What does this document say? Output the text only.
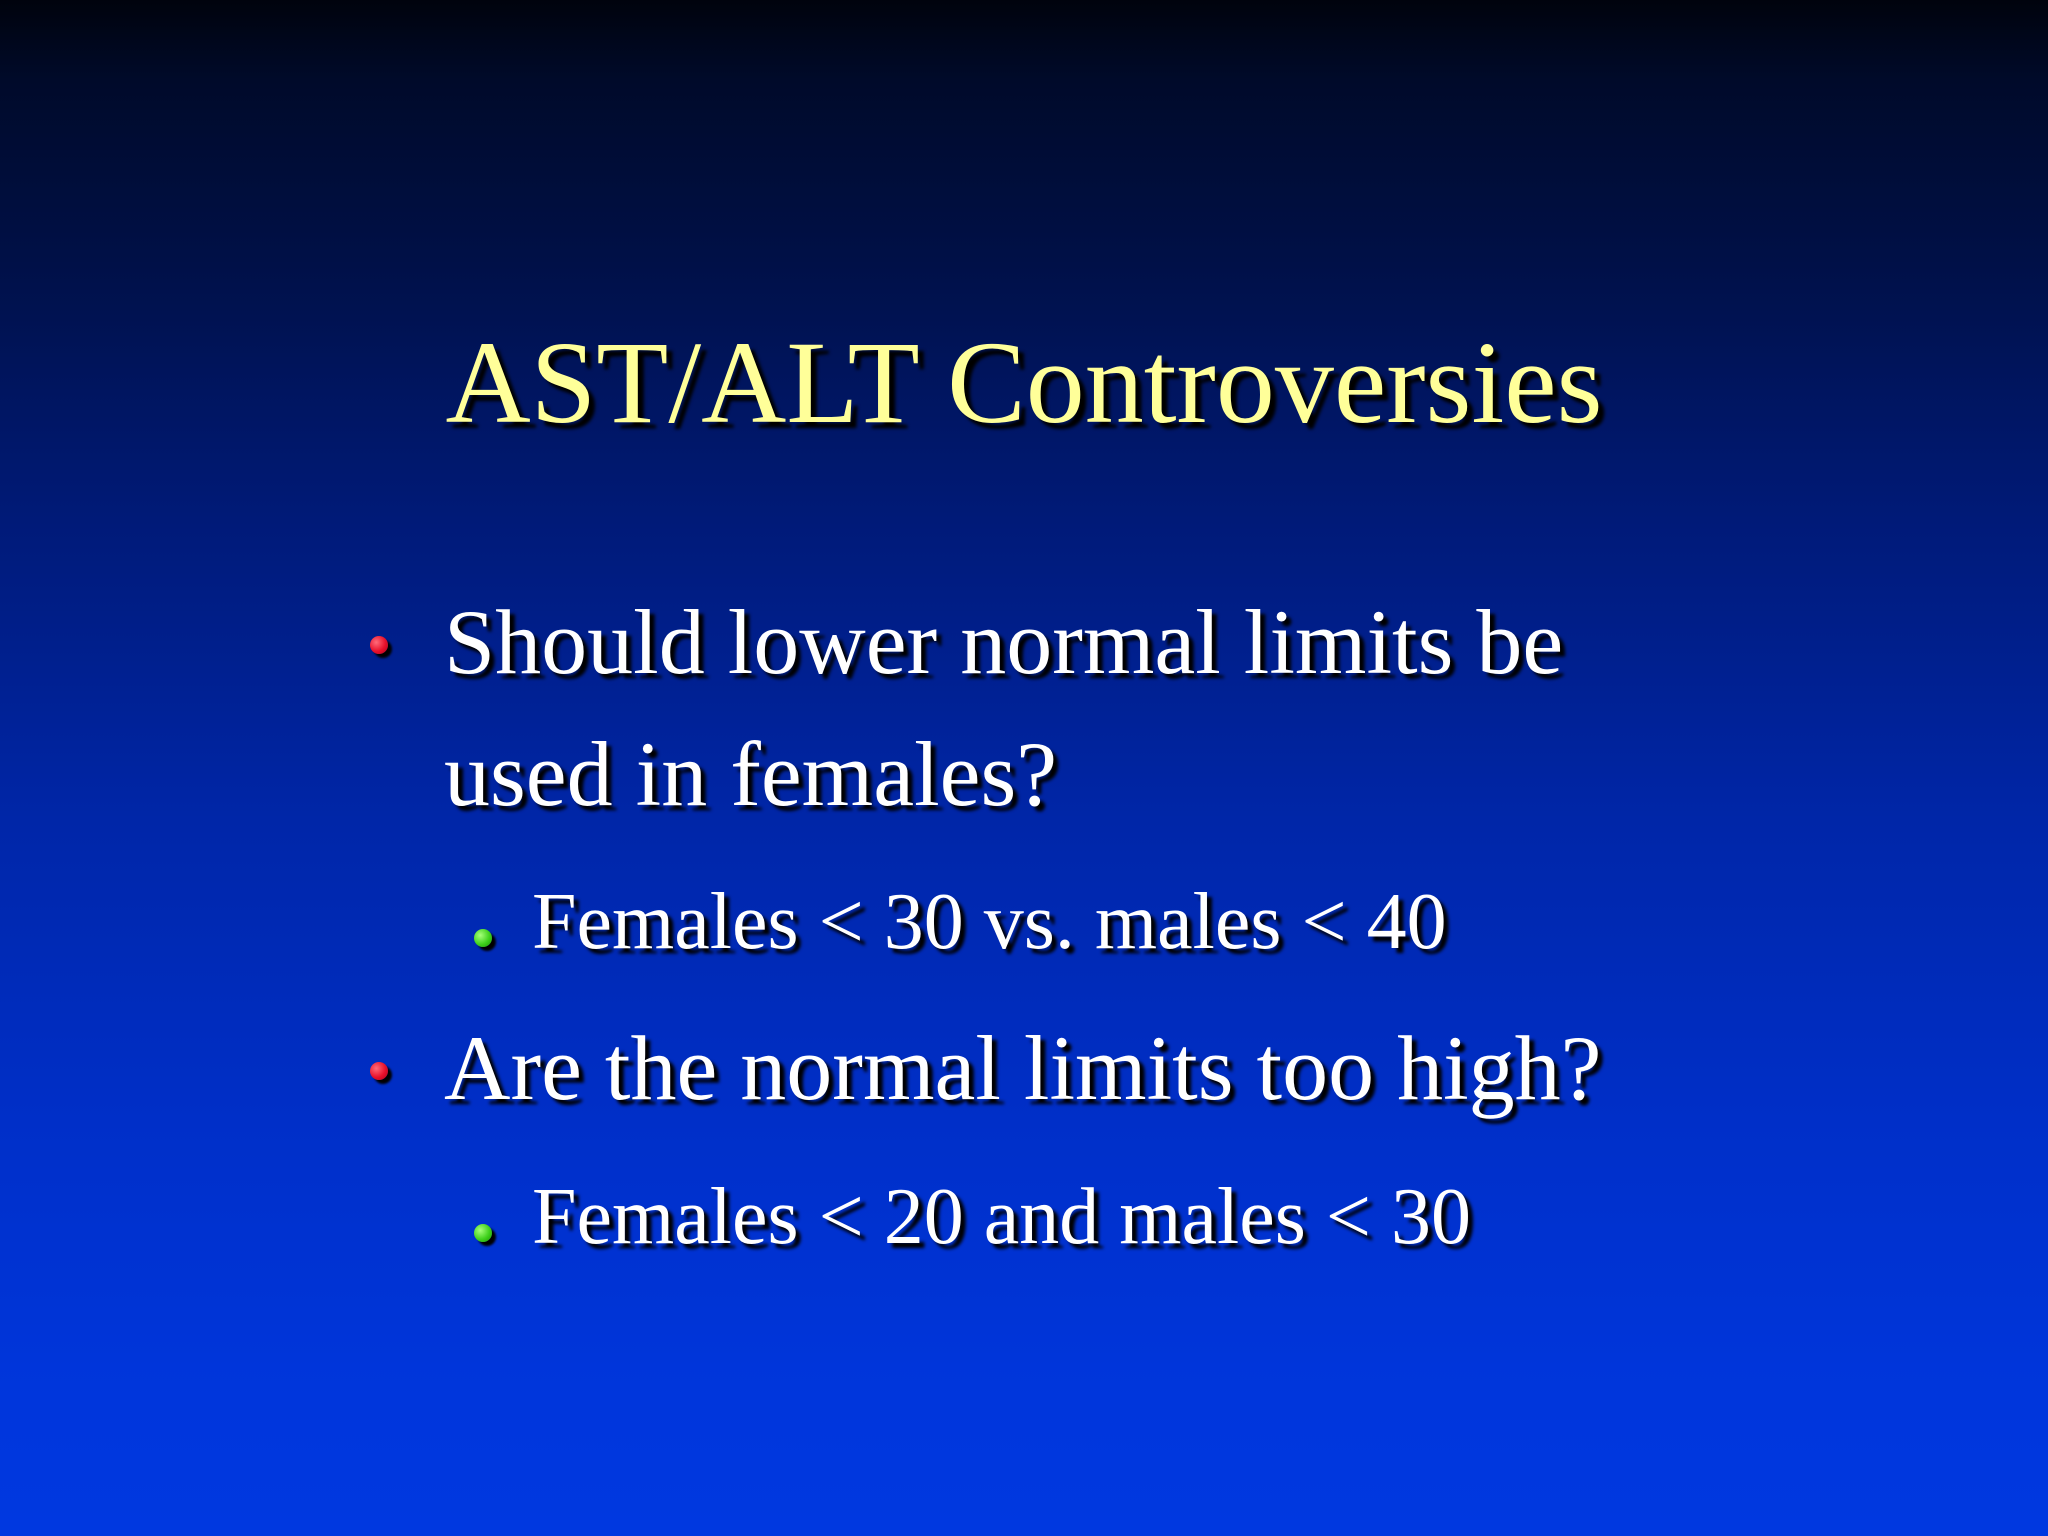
AST/ALT Controversies
Should lower normal limits be
used in females?
Females < 30 vs. males < 40
Are the normal limits too high?
Females < 20 and males < 30
